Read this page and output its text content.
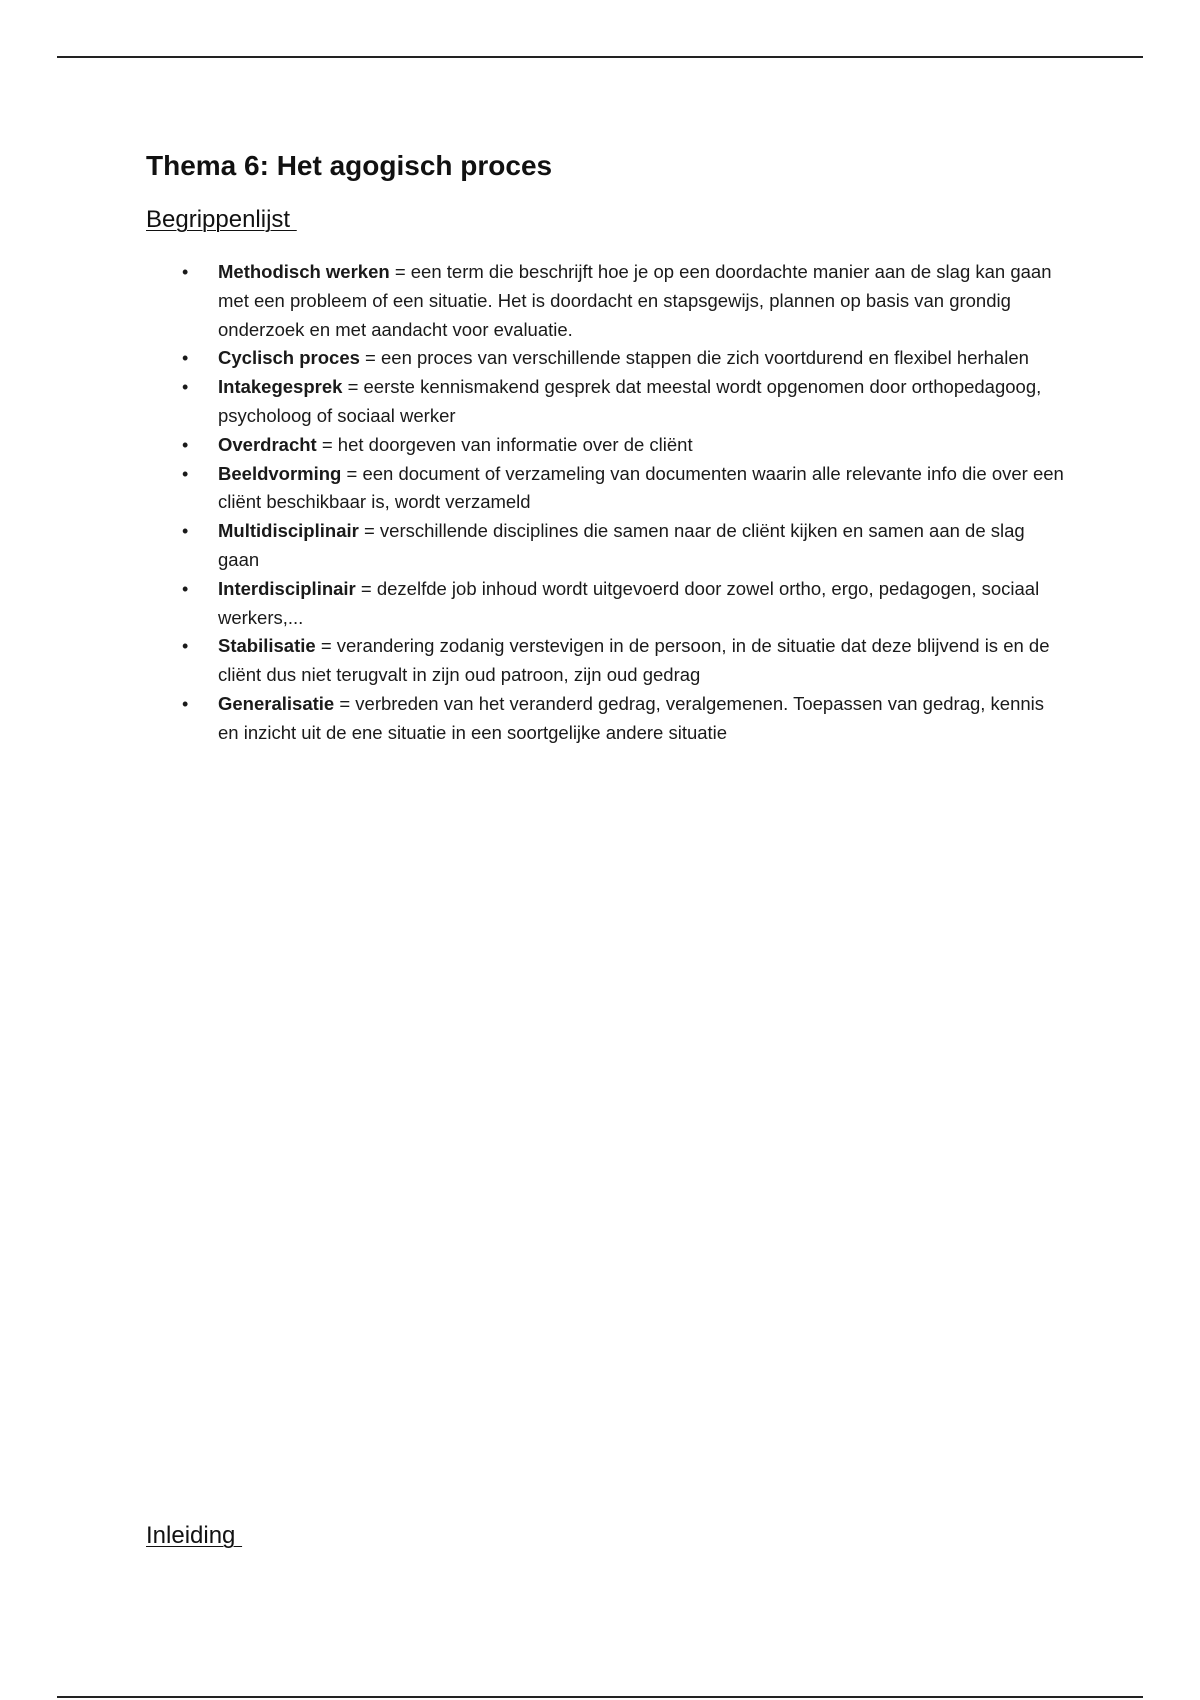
Thema 6: Het agogisch proces
Begrippenlijst
• Methodisch werken = een term die beschrijft hoe je op een doordachte manier aan de slag kan gaan met een probleem of een situatie. Het is doordacht en stapsgewijs, plannen op basis van grondig onderzoek en met aandacht voor evaluatie.
• Cyclisch proces = een proces van verschillende stappen die zich voortdurend en flexibel herhalen
• Intakegesprek = eerste kennismakend gesprek dat meestal wordt opgenomen door orthopedagoog, psycholoog of sociaal werker
• Overdracht = het doorgeven van informatie over de cliënt
• Beeldvorming = een document of verzameling van documenten waarin alle relevante info die over een cliënt beschikbaar is, wordt verzameld
• Multidisciplinair = verschillende disciplines die samen naar de cliënt kijken en samen aan de slag gaan
• Interdisciplinair = dezelfde job inhoud wordt uitgevoerd door zowel ortho, ergo, pedagogen, sociaal werkers,...
• Stabilisatie = verandering zodanig verstevigen in de persoon, in de situatie dat deze blijvend is en de cliënt dus niet terugvalt in zijn oud patroon, zijn oud gedrag
• Generalisatie = verbreden van het veranderd gedrag, veralgemenen. Toepassen van gedrag, kennis en inzicht uit de ene situatie in een soortgelijke andere situatie
Inleiding
